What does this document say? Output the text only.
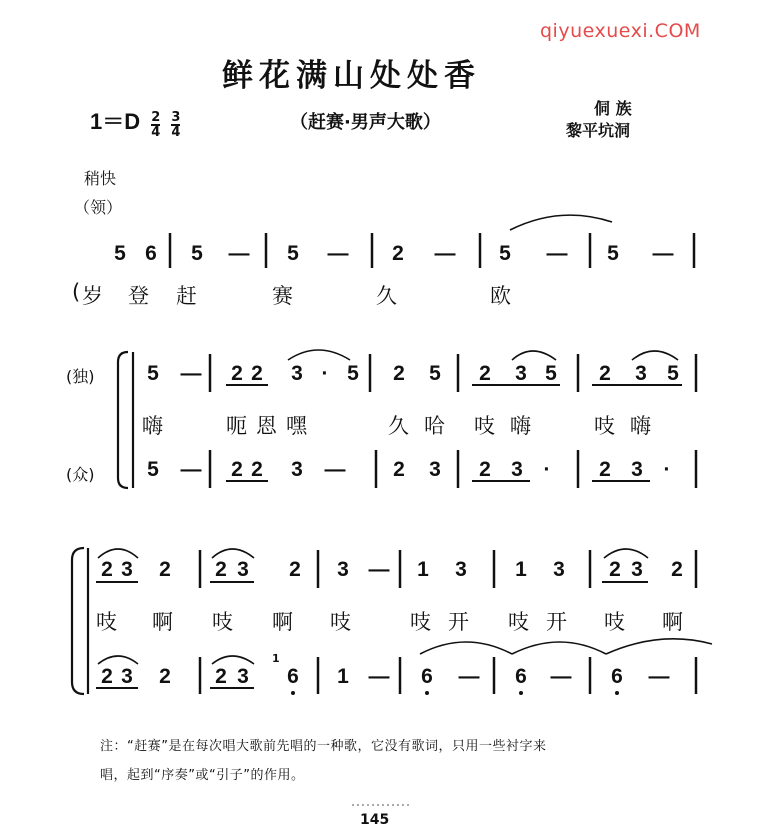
qiyuexuexi.COM
鲜花满山处处香
$1=D \frac{2}{4}$
$\frac{3}{4}$	（赶赛·男声大歌）
侗 族
黎平坑洞
稍快
（领）
5 6	5	—	5	—	2	—	5	—	5	—
( 岁 登 赶	赛	久	欧
(独)
(众)
5	—	2 2	3 · 5	2	5	2	3 5	2	3 5
嗨	呃 恩 嘿	久 哈 吱 嗨	吱 嗨
5	—	2 2	3	—	2	3	2 3 ·	2 3 ·
2 3	2	2 3	2	3 —	1	3	1	3	2 3	2
吱 啊 吱 啊 吱	吱 开 吱 开 吱 啊
2 3	2	2 3
1
6	1 —	6	—	6	—	6	—
注：“赶赛”是在每次唱大歌前先唱的一种歌，它没有歌词，只用一些衬字来
唱，起到“序奏”或“引子”的作用。
145
